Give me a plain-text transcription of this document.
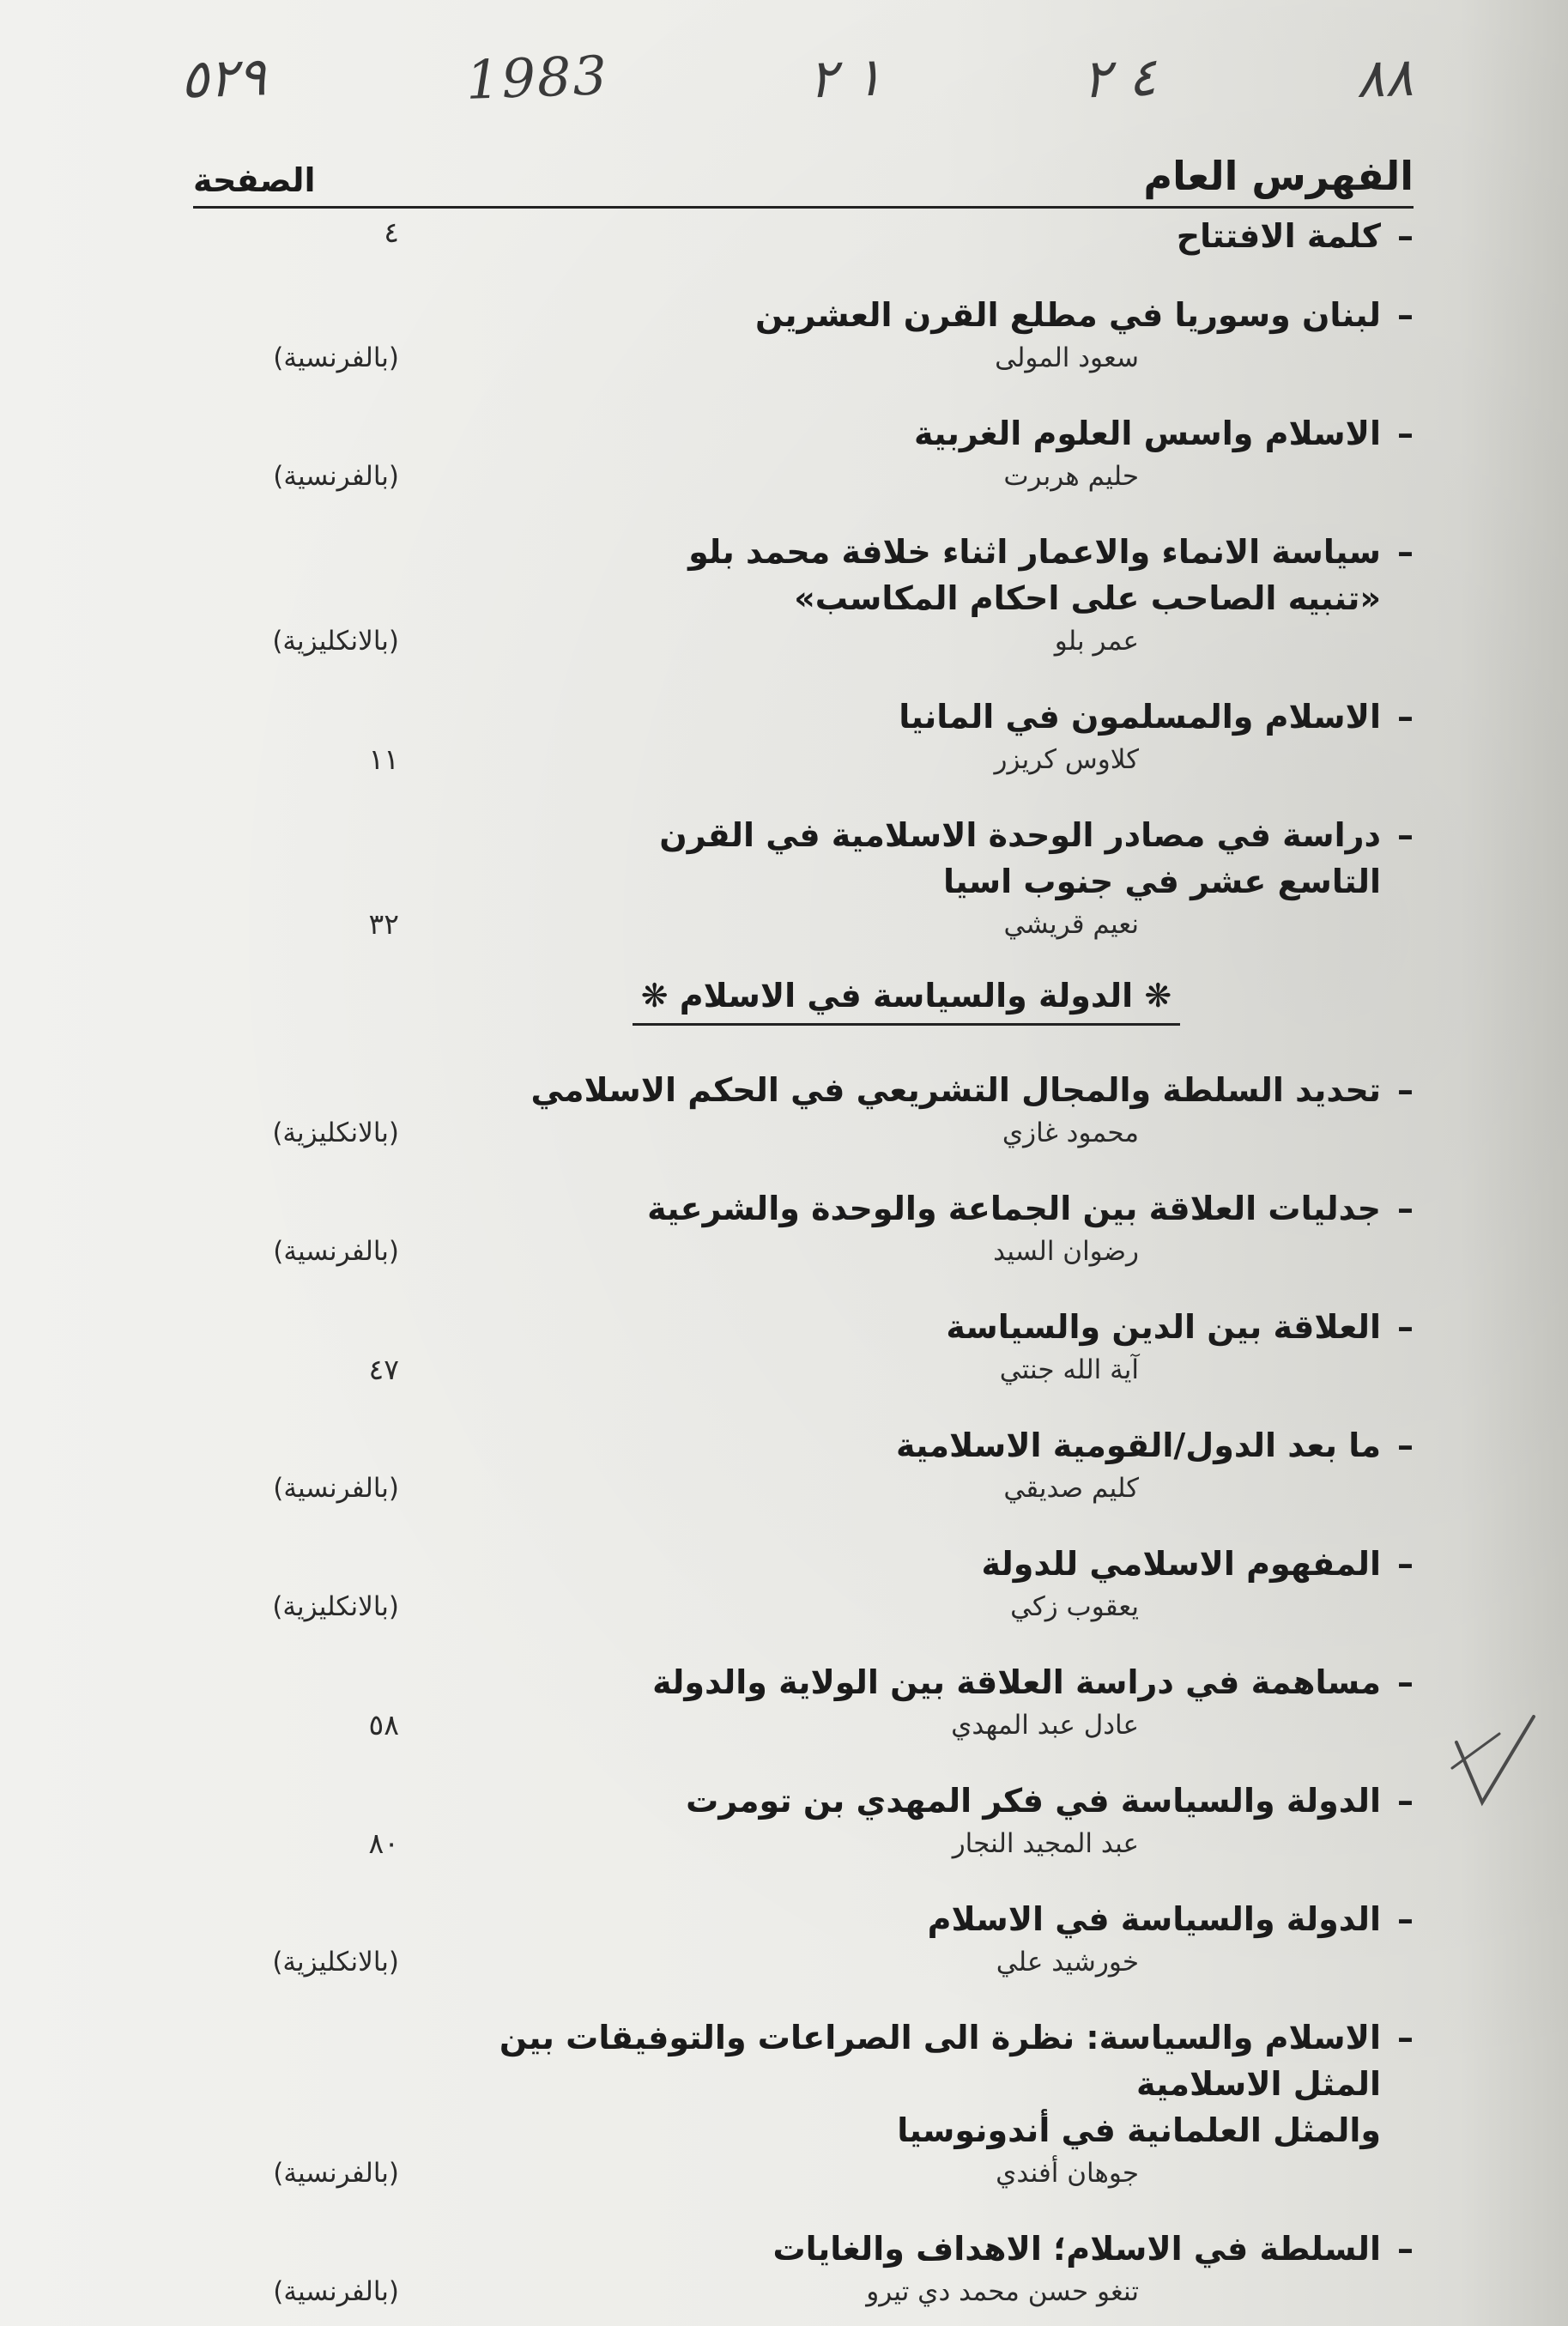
٥٢٩	1983	١ ٢	٤ ٢	٨٨
الفهرس العام
الصفحة
–
كلمة الافتتاح
٤
–
لبنان وسوريا في مطلع القرن العشرين
سعود المولى
(بالفرنسية)
–
الاسلام واسس العلوم الغربية
حليم هربرت
(بالفرنسية)
–
سياسة الانماء والاعمار اثناء خلافة محمد بلو
«تنبيه الصاحب على احكام المكاسب»
عمر بلو
(بالانكليزية)
–
الاسلام والمسلمون في المانيا
كلاوس كريزر
١١
–
دراسة في مصادر الوحدة الاسلامية في القرن
التاسع عشر في جنوب اسيا
نعيم قريشي
٣٢
❋ الدولة والسياسة في الاسلام ❋
–
تحديد السلطة والمجال التشريعي في الحكم الاسلامي
محمود غازي
(بالانكليزية)
–
جدليات العلاقة بين الجماعة والوحدة والشرعية
رضوان السيد
(بالفرنسية)
–
العلاقة بين الدين والسياسة
آية الله جنتي
٤٧
–
ما بعد الدول/القومية الاسلامية
كليم صديقي
(بالفرنسية)
–
المفهوم الاسلامي للدولة
يعقوب زكي
(بالانكليزية)
–
مساهمة في دراسة العلاقة بين الولاية والدولة
عادل عبد المهدي
٥٨
–
الدولة والسياسة في فكر المهدي بن تومرت
عبد المجيد النجار
٨٠
–
الدولة والسياسة في الاسلام
خورشيد علي
(بالانكليزية)
–
الاسلام والسياسة: نظرة الى الصراعات والتوفيقات بين المثل الاسلامية
والمثل العلمانية في أندونوسيا
جوهان أفندي
(بالفرنسية)
–
السلطة في الاسلام؛ الاهداف والغايات
تنغو حسن محمد دي تيرو
(بالفرنسية)
